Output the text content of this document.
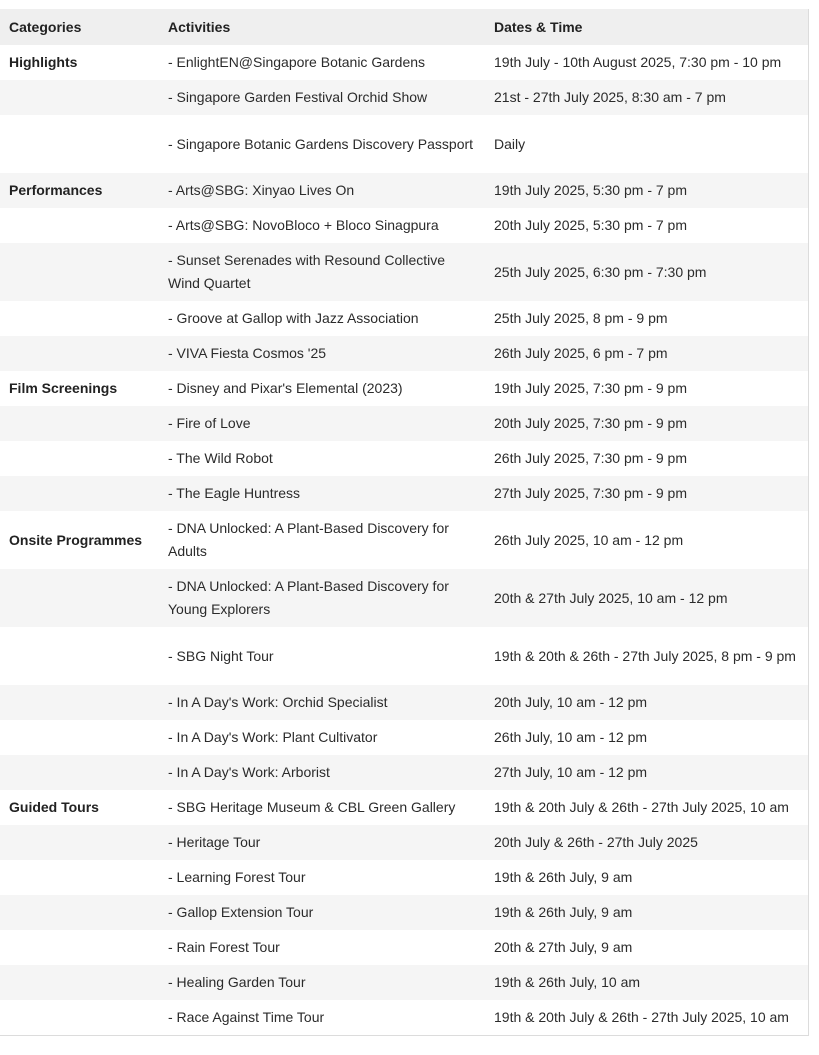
Categories	Activities	Dates & Time
Highlights	- EnlightEN@Singapore Botanic Gardens	19th July - 10th August 2025, 7:30 pm - 10 pm
	- Singapore Garden Festival Orchid Show	21st - 27th July 2025, 8:30 am - 7 pm
	- Singapore Botanic Gardens Discovery Passport	Daily
Performances	- Arts@SBG: Xinyao Lives On	19th July 2025, 5:30 pm - 7 pm
	- Arts@SBG: NovoBloco + Bloco Sinagpura	20th July 2025, 5:30 pm - 7 pm
	- Sunset Serenades with Resound Collective Wind Quartet	25th July 2025, 6:30 pm - 7:30 pm
	- Groove at Gallop with Jazz Association	25th July 2025, 8 pm - 9 pm
	- VIVA Fiesta Cosmos '25	26th July 2025, 6 pm - 7 pm
Film Screenings	- Disney and Pixar's Elemental (2023)	19th July 2025, 7:30 pm - 9 pm
	- Fire of Love	20th July 2025, 7:30 pm - 9 pm
	- The Wild Robot	26th July 2025, 7:30 pm - 9 pm
	- The Eagle Huntress	27th July 2025, 7:30 pm - 9 pm
Onsite Programmes	- DNA Unlocked: A Plant-Based Discovery for Adults	26th July 2025, 10 am - 12 pm
	- DNA Unlocked: A Plant-Based Discovery for Young Explorers	20th & 27th July 2025, 10 am - 12 pm
	- SBG Night Tour	19th & 20th & 26th - 27th July 2025, 8 pm - 9 pm
	- In A Day's Work: Orchid Specialist	20th July, 10 am - 12 pm
	- In A Day's Work: Plant Cultivator	26th July, 10 am - 12 pm
	- In A Day's Work: Arborist	27th July, 10 am - 12 pm
Guided Tours	- SBG Heritage Museum & CBL Green Gallery	19th & 20th July & 26th - 27th July 2025, 10 am
	- Heritage Tour	20th July & 26th - 27th July 2025
	- Learning Forest Tour	19th & 26th July, 9 am
	- Gallop Extension Tour	19th & 26th July, 9 am
	- Rain Forest Tour	20th & 27th July, 9 am
	- Healing Garden Tour	19th & 26th July, 10 am
	- Race Against Time Tour	19th & 20th July & 26th - 27th July 2025, 10 am
